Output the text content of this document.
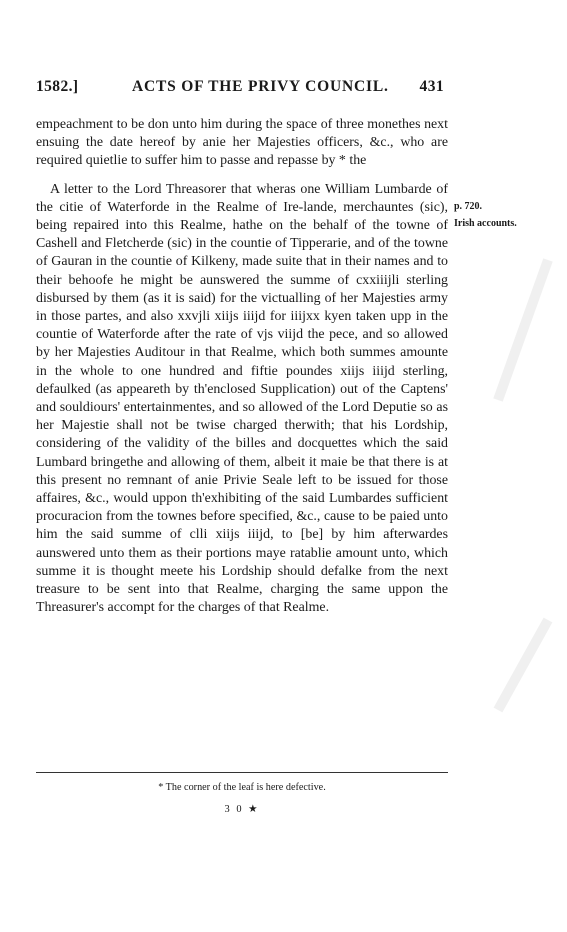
1582.]	ACTS OF THE PRIVY COUNCIL. 431

empeachment to be don unto him during the space of three monethes next ensuing the date hereof by anie her Majesties officers, &c., who are required quietlie to suffer him to passe and repasse by * the

A letter to the Lord Threasorer that wheras one William Lumbarde of the citie of Waterforde in the Realme of Ire-lande, merchauntes (sic), being repaired into this Realme, hathe on the behalf of the towne of Cashell and Fletcherde (sic) in the countie of Tipperarie, and of the towne of Gauran in the countie of Kilkeny, made suite that in their names and to their behoofe he might be aunswered the summe of cxxiiijli sterling disbursed by them (as it is said) for the victualling of her Majesties army in those partes, and also xxvjli xiijs iiijd for iiijxx kyen taken upp in the countie of Waterforde after the rate of vjs viijd the pece, and so allowed by her Majesties Auditour in that Realme, which both summes amounte in the whole to one hundred and fiftie poundes xiijs iiijd sterling, defaulked (as appeareth by th'enclosed Supplication) out of the Captens' and souldiours' entertainmentes, and so allowed of the Lord Deputie so as her Majestie shall not be twise charged therwith; that his Lordship, considering of the validity of the billes and docquettes which the said Lumbard bringethe and allowing of them, albeit it maie be that there is at this present no remnant of anie Privie Seale left to be issued for those affaires, &c., would uppon th'exhibiting of the said Lumbardes sufficient procuracion from the townes before specified, &c., cause to be paied unto him the said summe of clli xiijs iiijd, to [be] by him afterwardes aunswered unto them as their portions maye ratablie amount unto, which summe it is thought meete his Lordship should defalke from the next treasure to be sent into that Realme, charging the same uppon the Threasurer's accompt for the charges of that Realme.

p. 720.
Irish accounts.
* The corner of the leaf is here defective.
3 0 ★
